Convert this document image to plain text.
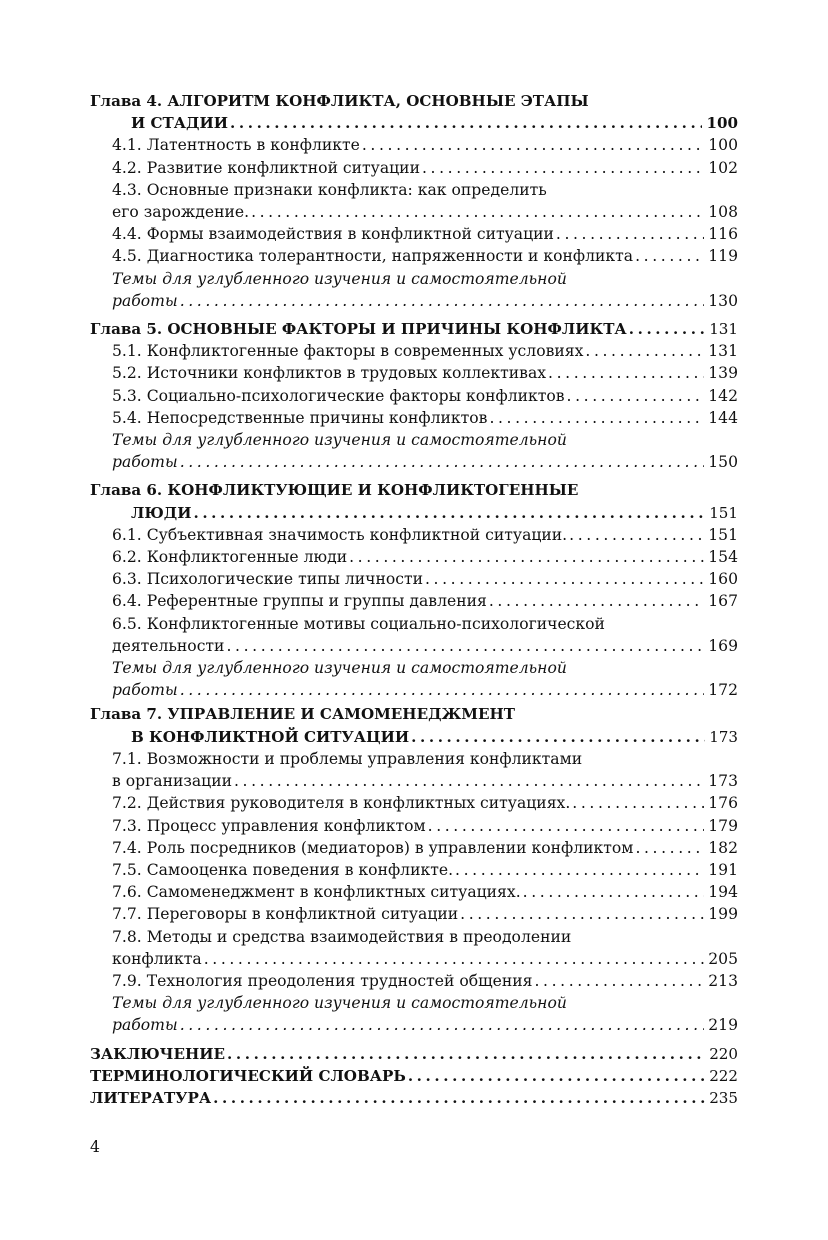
Глава 4. АЛГОРИТМ КОНФЛИКТА, ОСНОВНЫЕ ЭТАПЫ
И СТАДИИ .....	100
4.1. Латентность в конфликте .....	100
4.2. Развитие конфликтной ситуации .....	102
4.3. Основные признаки конфликта: как определить
его зарождение. .....	108
4.4. Формы взаимодействия в конфликтной ситуации .....	116
4.5. Диагностика толерантности, напряженности и конфликта .....	119
Темы для углубленного изучения и самостоятельной
работы .....	130
Глава 5. ОСНОВНЫЕ ФАКТОРЫ И ПРИЧИНЫ КОНФЛИКТА .....	131
5.1. Конфликтогенные факторы в современных условиях .....	131
5.2. Источники конфликтов в трудовых коллективах .....	139
5.3. Социально-психологические факторы конфликтов .....	142
5.4. Непосредственные причины конфликтов .....	144
Темы для углубленного изучения и самостоятельной
работы .....	150
Глава 6. КОНФЛИКТУЮЩИЕ И КОНФЛИКТОГЕННЫЕ
ЛЮДИ .....	151
6.1. Субъективная значимость конфликтной ситуации. .....	151
6.2. Конфликтогенные люди .....	154
6.3. Психологические типы личности .....	160
6.4. Референтные группы и группы давления .....	167
6.5. Конфликтогенные мотивы социально-психологической
деятельности .....	169
Темы для углубленного изучения и самостоятельной
работы .....	172
Глава 7. УПРАВЛЕНИЕ И САМОМЕНЕДЖМЕНТ
В КОНФЛИКТНОЙ СИТУАЦИИ .....	173
7.1. Возможности и проблемы управления конфликтами
в организации .....	173
7.2. Действия руководителя в конфликтных ситуациях. .....	176
7.3. Процесс управления конфликтом .....	179
7.4. Роль посредников (медиаторов) в управлении конфликтом .....	182
7.5. Самооценка поведения в конфликте. .....	191
7.6. Самоменеджмент в конфликтных ситуациях. .....	194
7.7. Переговоры в конфликтной ситуации .....	199
7.8. Методы и средства взаимодействия в преодолении
конфликта .....	205
7.9. Технология преодоления трудностей общения .....	213
Темы для углубленного изучения и самостоятельной
работы .....	219
ЗАКЛЮЧЕНИЕ .....	220
ТЕРМИНОЛОГИЧЕСКИЙ СЛОВАРЬ .....	222
ЛИТЕРАТУРА .....	235
4
